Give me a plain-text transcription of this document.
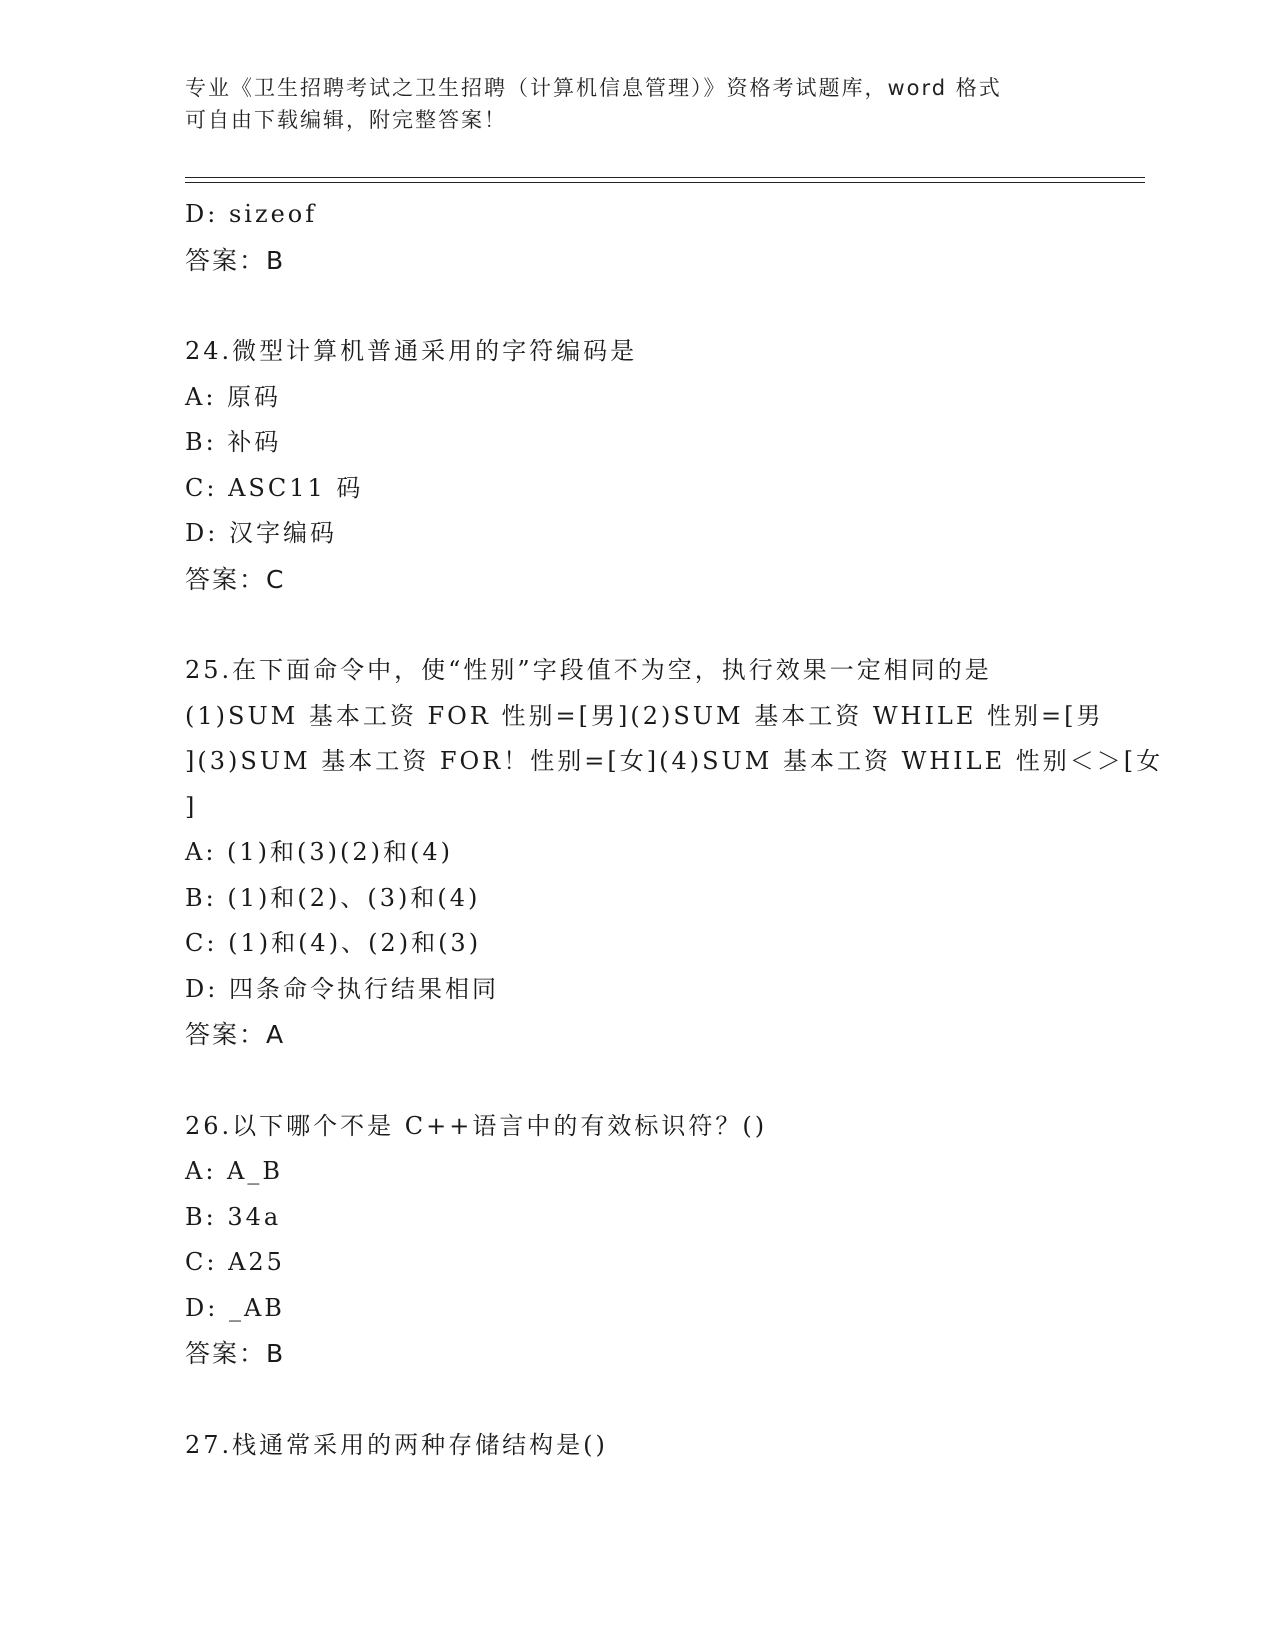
专业《卫生招聘考试之卫生招聘（计算机信息管理）》资格考试题库，word 格式
可自由下载编辑，附完整答案！
D: sizeof
答案：B
24.微型计算机普通采用的字符编码是
A: 原码
B: 补码
C: ASC11 码
D: 汉字编码
答案：C
25.在下面命令中，使“性别”字段值不为空，执行效果一定相同的是
(1)SUM 基本工资 FOR 性别=[男](2)SUM 基本工资 WHILE 性别=[男
](3)SUM 基本工资 FOR！性别=[女](4)SUM 基本工资 WHILE 性别＜＞[女
]
A: (1)和(3)(2)和(4)
B: (1)和(2)、(3)和(4)
C: (1)和(4)、(2)和(3)
D: 四条命令执行结果相同
答案：A
26.以下哪个不是 C++语言中的有效标识符？()
A: A_B
B: 34a
C: A25
D: _AB
答案：B
27.栈通常采用的两种存储结构是()
